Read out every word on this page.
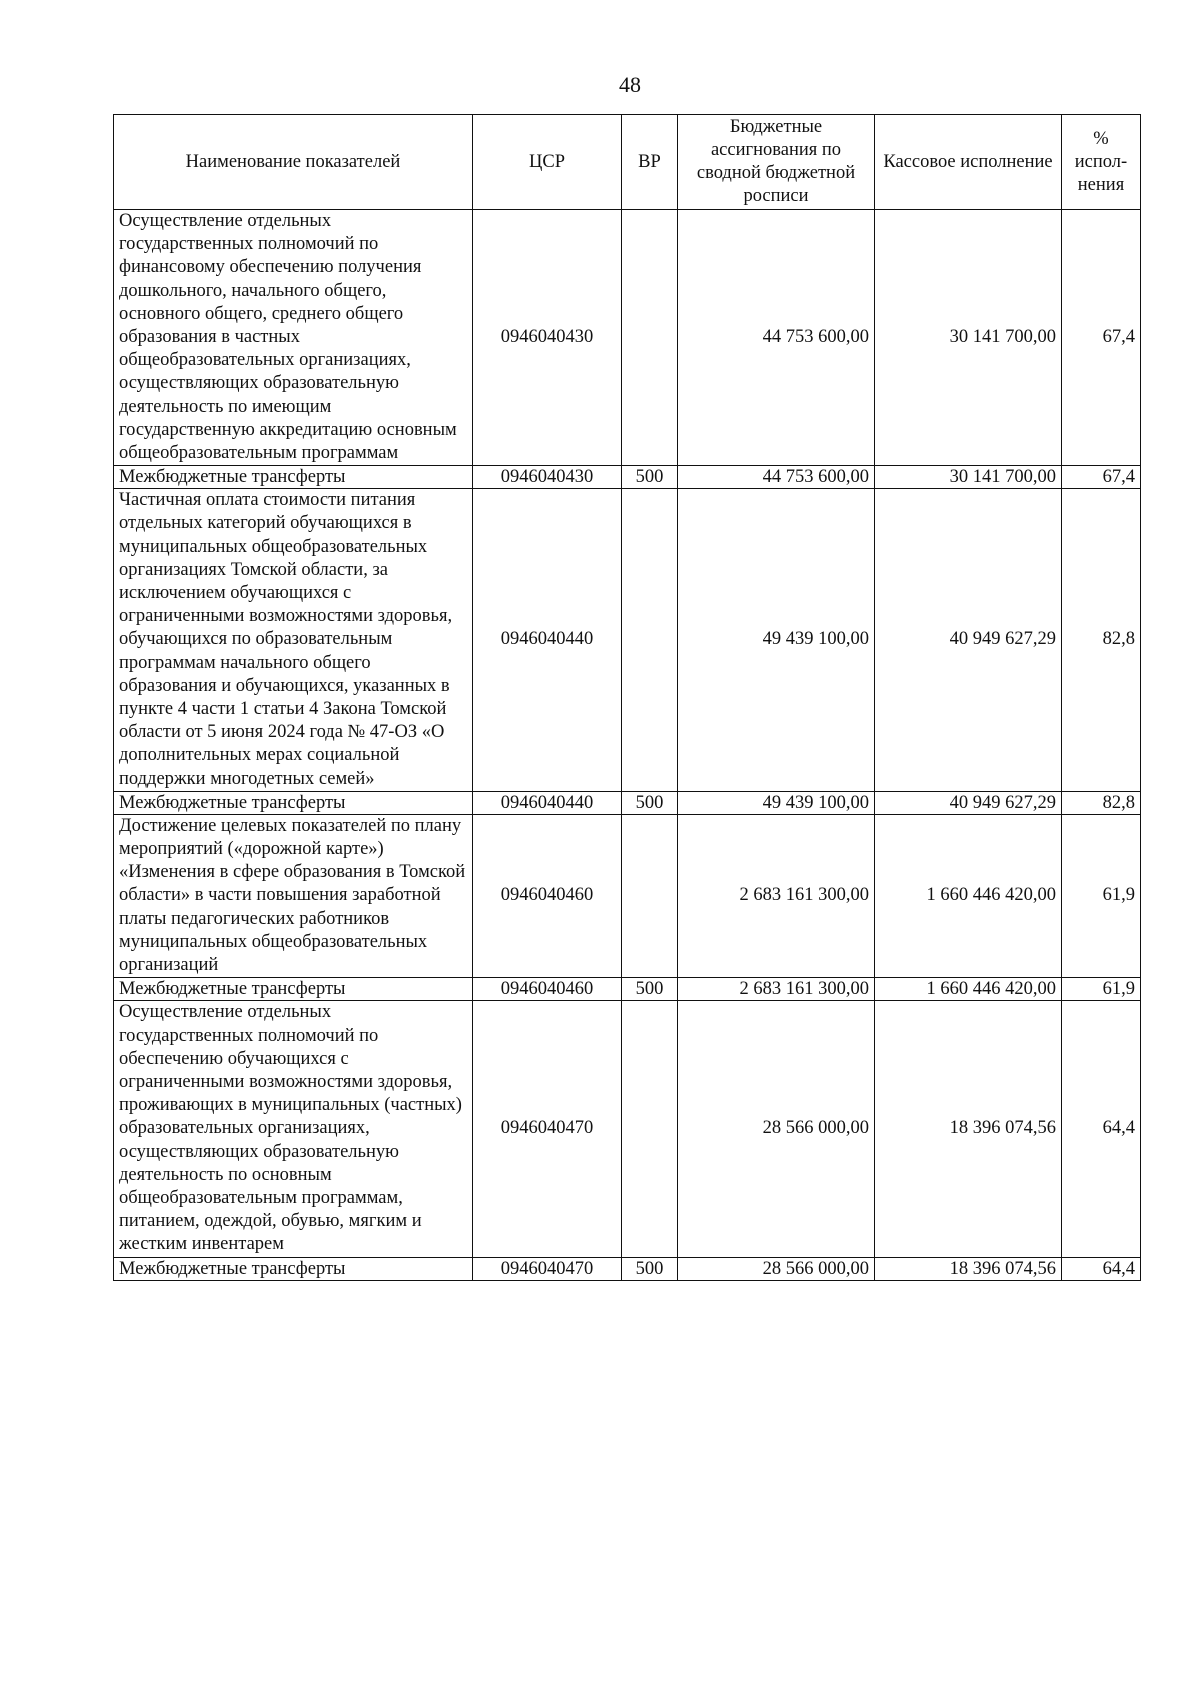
48
Наименование показателей	ЦСР	ВР	Бюджетные ассигнования по сводной бюджетной росписи	Кассовое исполнение	% испол- нения
Осуществление отдельных государственных полномочий по финансовому обеспечению получения дошкольного, начального общего, основного общего, среднего общего образования в частных общеобразовательных организациях, осуществляющих образовательную деятельность по имеющим государственную аккредитацию основным общеобразовательным программам	0946040430		44 753 600,00	30 141 700,00	67,4
Межбюджетные трансферты	0946040430	500	44 753 600,00	30 141 700,00	67,4
Частичная оплата стоимости питания отдельных категорий обучающихся в муниципальных общеобразовательных организациях Томской области, за исключением обучающихся с ограниченными возможностями здоровья, обучающихся по образовательным программам начального общего образования и обучающихся, указанных в пункте 4 части 1 статьи 4 Закона Томской области от 5 июня 2024 года № 47-ОЗ «О дополнительных мерах социальной поддержки многодетных семей»	0946040440		49 439 100,00	40 949 627,29	82,8
Межбюджетные трансферты	0946040440	500	49 439 100,00	40 949 627,29	82,8
Достижение целевых показателей по плану мероприятий («дорожной карте») «Изменения в сфере образования в Томской области» в части повышения заработной платы педагогических работников муниципальных общеобразовательных организаций	0946040460		2 683 161 300,00	1 660 446 420,00	61,9
Межбюджетные трансферты	0946040460	500	2 683 161 300,00	1 660 446 420,00	61,9
Осуществление отдельных государственных полномочий по обеспечению обучающихся с ограниченными возможностями здоровья, проживающих в муниципальных (частных) образовательных организациях, осуществляющих образовательную деятельность по основным общеобразовательным программам, питанием, одеждой, обувью, мягким и жестким инвентарем	0946040470		28 566 000,00	18 396 074,56	64,4
Межбюджетные трансферты	0946040470	500	28 566 000,00	18 396 074,56	64,4
